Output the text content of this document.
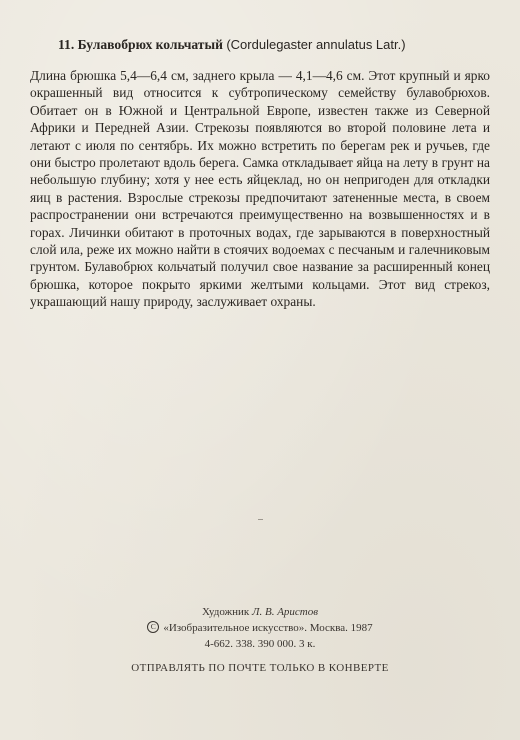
11. Булавобрюх кольчатый (Cordulegaster annulatus Latr.)

Длина брюшка 5,4—6,4 см, заднего крыла — 4,1—4,6 см. Этот крупный и ярко окрашенный вид относится к субтропическому семейству булавобрюхов. Обитает он в Южной и Центральной Европе, известен также из Северной Африки и Передней Азии. Стрекозы появляются во второй половине лета и летают с июля по сентябрь. Их можно встретить по берегам рек и ручьев, где они быстро пролетают вдоль берега. Самка откладывает яйца на лету в грунт на небольшую глубину; хотя у нее есть яйцеклад, но он непригоден для откладки яиц в растения. Взрослые стрекозы предпочитают затененные места, в своем распространении они встречаются преимущественно на возвышенностях и в горах. Личинки обитают в проточных водах, где зарываются в поверхностный слой ила, реже их можно найти в стоячих водоемах с песчаным и галечниковым грунтом. Булавобрюх кольчатый получил свое название за расширенный конец брюшка, которое покрыто яркими желтыми кольцами. Этот вид стрекоз, украшающий нашу природу, заслуживает охраны.

Художник Л. В. Аристов
С «Изобразительное искусство». Москва. 1987
4-662. 338. 390 000. 3 к.
ОТПРАВЛЯТЬ ПО ПОЧТЕ ТОЛЬКО В КОНВЕРТЕ
